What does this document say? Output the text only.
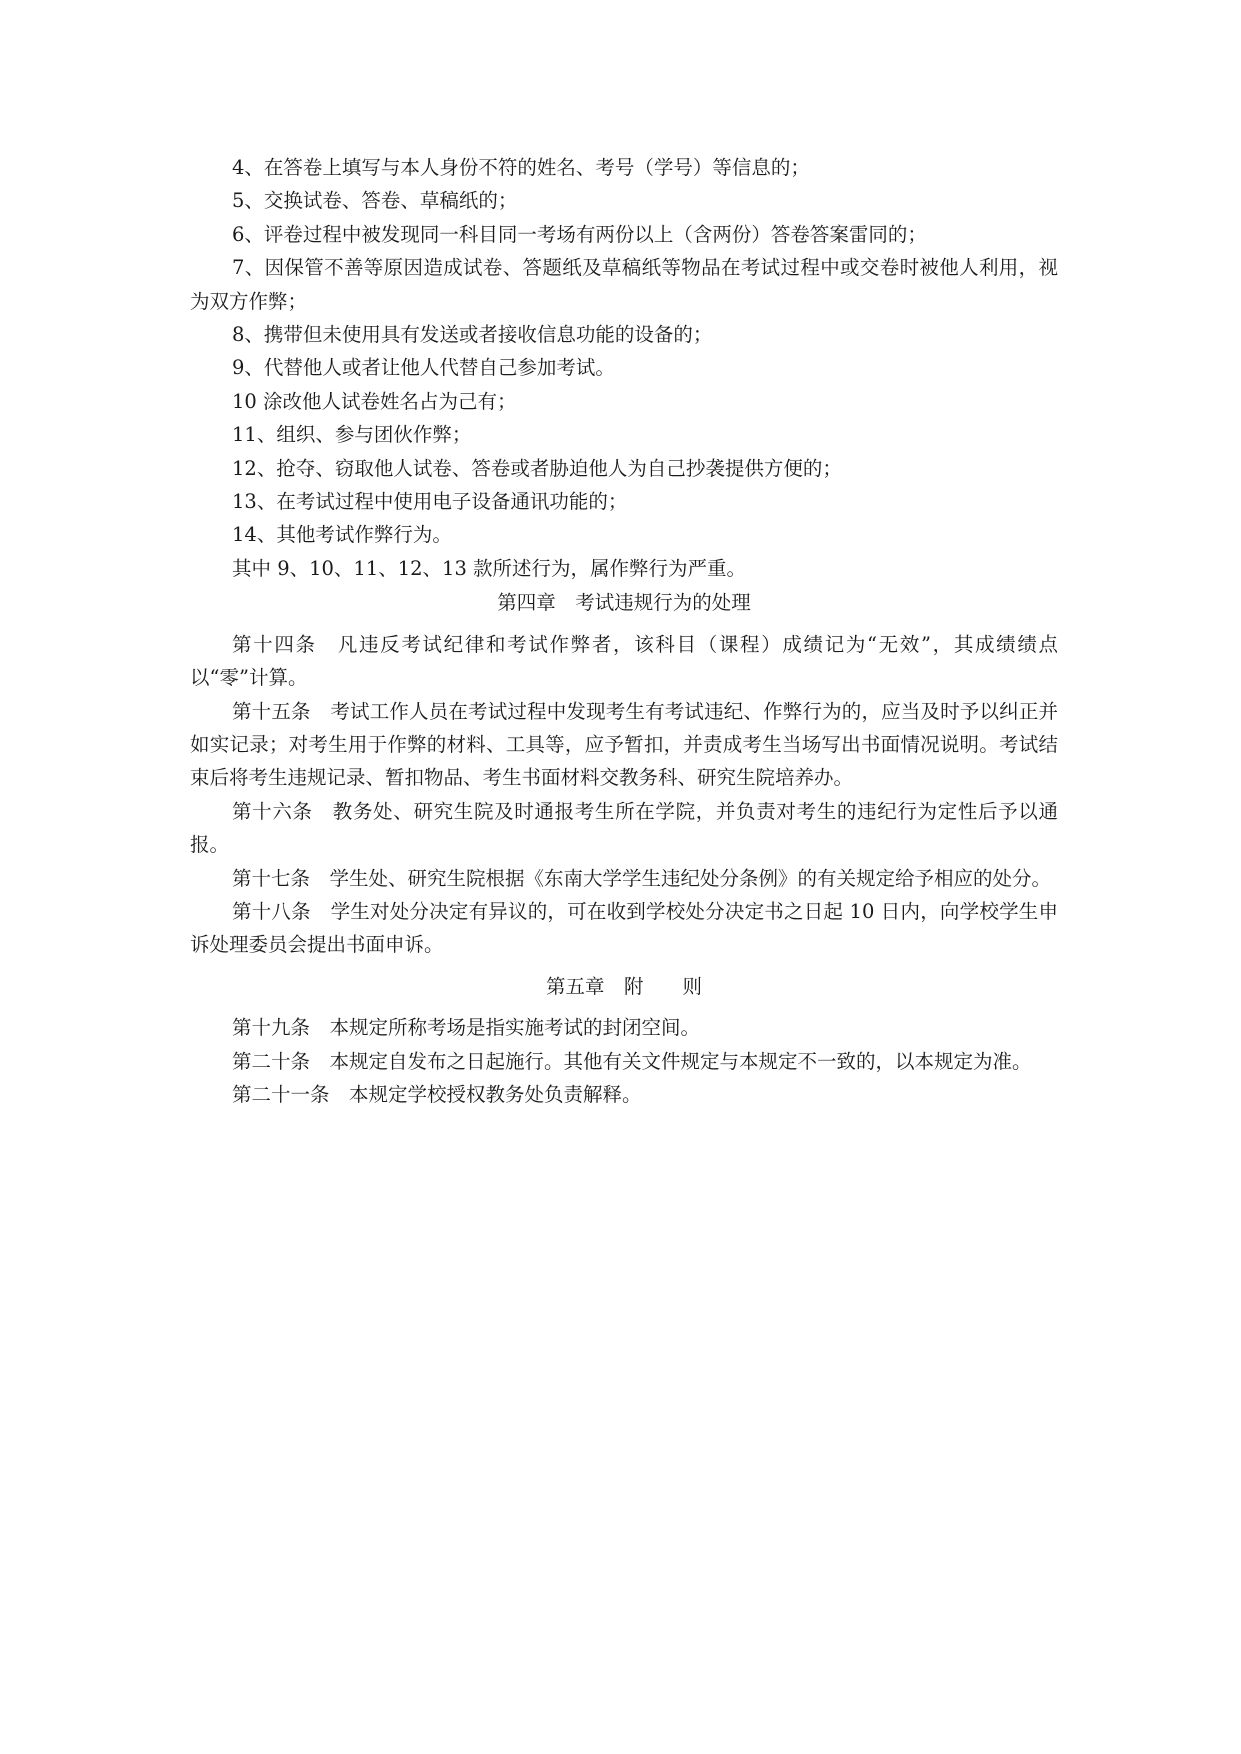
4、在答卷上填写与本人身份不符的姓名、考号（学号）等信息的；

5、交换试卷、答卷、草稿纸的；

6、评卷过程中被发现同一科目同一考场有两份以上（含两份）答卷答案雷同的；

7、因保管不善等原因造成试卷、答题纸及草稿纸等物品在考试过程中或交卷时被他人利用，视为双方作弊；

8、携带但未使用具有发送或者接收信息功能的设备的；

9、代替他人或者让他人代替自己参加考试。

10 涂改他人试卷姓名占为己有；

11、组织、参与团伙作弊；

12、抢夺、窃取他人试卷、答卷或者胁迫他人为自己抄袭提供方便的；

13、在考试过程中使用电子设备通讯功能的；

14、其他考试作弊行为。

其中 9、10、11、12、13 款所述行为，属作弊行为严重。

第四章　考试违规行为的处理

第十四条　凡违反考试纪律和考试作弊者，该科目（课程）成绩记为“无效”，其成绩绩点以“零”计算。

第十五条　考试工作人员在考试过程中发现考生有考试违纪、作弊行为的，应当及时予以纠正并如实记录；对考生用于作弊的材料、工具等，应予暂扣，并责成考生当场写出书面情况说明。考试结束后将考生违规记录、暂扣物品、考生书面材料交教务科、研究生院培养办。

第十六条　教务处、研究生院及时通报考生所在学院，并负责对考生的违纪行为定性后予以通报。

第十七条　学生处、研究生院根据《东南大学学生违纪处分条例》的有关规定给予相应的处分。

第十八条　学生对处分决定有异议的，可在收到学校处分决定书之日起 10 日内，向学校学生申诉处理委员会提出书面申诉。

第五章　附　　则

第十九条　本规定所称考场是指实施考试的封闭空间。

第二十条　本规定自发布之日起施行。其他有关文件规定与本规定不一致的，以本规定为准。

第二十一条　本规定学校授权教务处负责解释。
